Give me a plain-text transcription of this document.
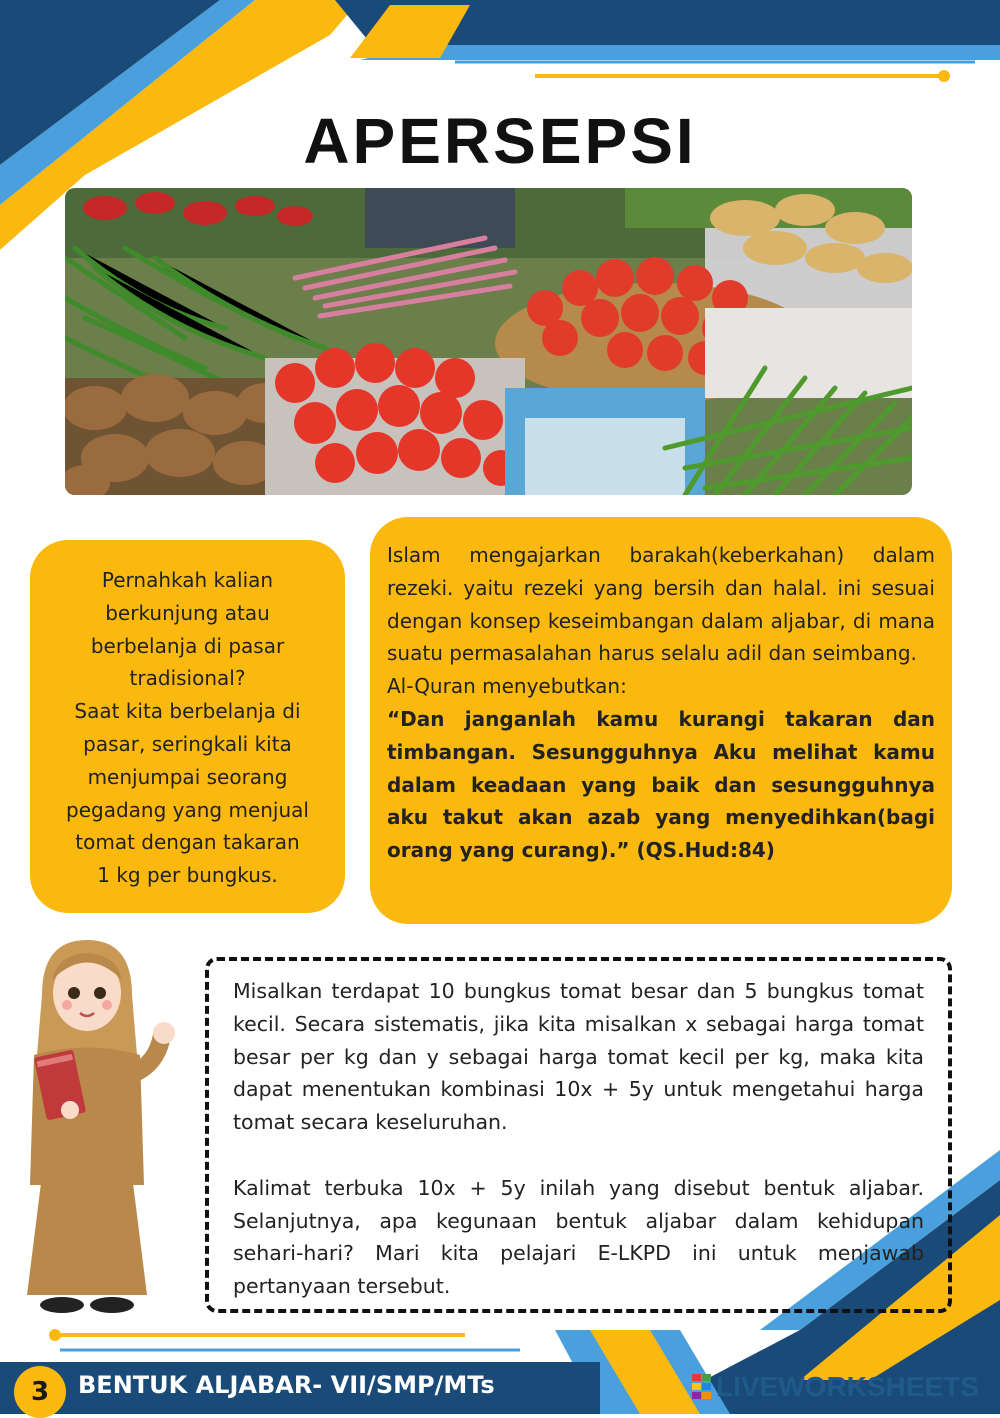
APERSEPSI
Pernahkah kalian
berkunjung atau
berbelanja di pasar
tradisional?
Saat kita berbelanja di
pasar, seringkali kita
menjumpai seorang
pegadang yang menjual
tomat dengan takaran
1 kg per bungkus.

Islam mengajarkan barakah(keberkahan) dalam rezeki. yaitu rezeki yang bersih dan halal. ini sesuai dengan konsep keseimbangan dalam aljabar, di mana suatu permasalahan harus selalu adil dan seimbang.

Al-Quran menyebutkan:

“Dan janganlah kamu kurangi takaran dan timbangan. Sesungguhnya Aku melihat kamu dalam keadaan yang baik dan sesungguhnya aku takut akan azab yang menyedihkan(bagi orang yang curang).” (QS.Hud:84)

Misalkan terdapat 10 bungkus tomat besar dan 5 bungkus tomat kecil. Secara sistematis, jika kita misalkan x sebagai harga tomat besar per kg dan y sebagai harga tomat kecil per kg, maka kita dapat menentukan kombinasi 10x + 5y untuk mengetahui harga tomat secara keseluruhan.

Kalimat terbuka 10x + 5y inilah yang disebut bentuk aljabar. Selanjutnya, apa kegunaan bentuk aljabar dalam kehidupan sehari-hari? Mari kita pelajari E-LKPD ini untuk menjawab pertanyaan tersebut.

3	BENTUK ALJABAR- VII/SMP/MTs	LIVEWORKSHEETS
